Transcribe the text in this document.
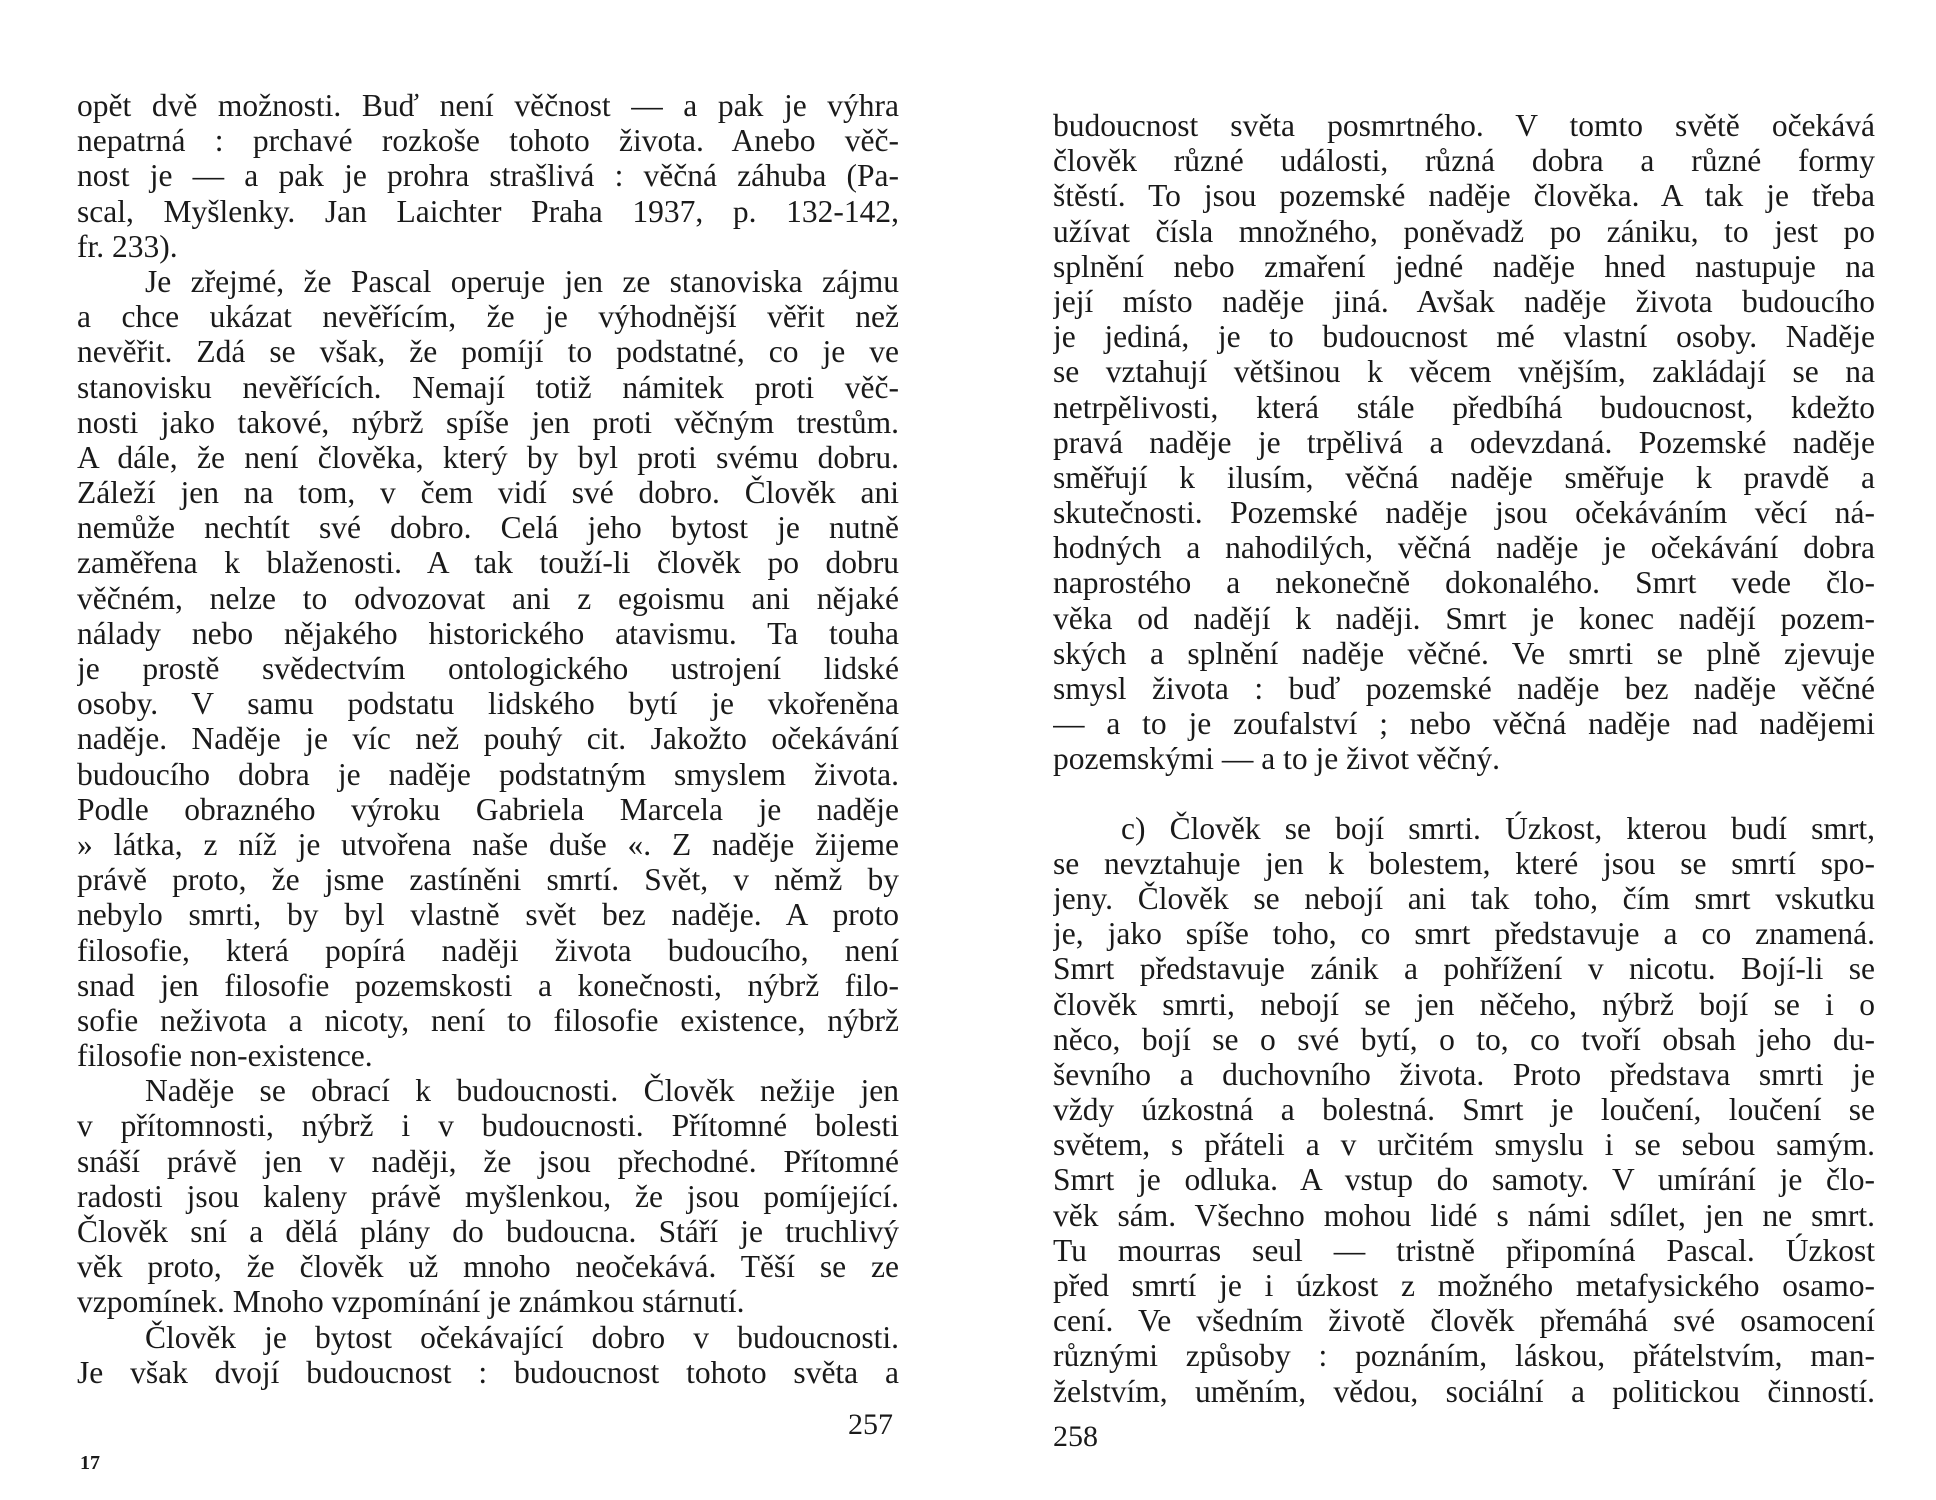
opět dvě možnosti. Buď není věčnost — a pak je výhra
nepatrná : prchavé rozkoše tohoto života. Anebo věč-
nost je — a pak je prohra strašlivá : věčná záhuba (Pa-
scal, Myšlenky. Jan Laichter Praha 1937, p. 132-142,
fr. 233).
Je zřejmé, že Pascal operuje jen ze stanoviska zájmu
a chce ukázat nevěřícím, že je výhodnější věřit než
nevěřit. Zdá se však, že pomíjí to podstatné, co je ve
stanovisku nevěřících. Nemají totiž námitek proti věč-
nosti jako takové, nýbrž spíše jen proti věčným trestům.
A dále, že není člověka, který by byl proti svému dobru.
Záleží jen na tom, v čem vidí své dobro. Člověk ani
nemůže nechtít své dobro. Celá jeho bytost je nutně
zaměřena k blaženosti. A tak touží-li člověk po dobru
věčném, nelze to odvozovat ani z egoismu ani nějaké
nálady nebo nějakého historického atavismu. Ta touha
je prostě svědectvím ontologického ustrojení lidské
osoby. V samu podstatu lidského bytí je vkořeněna
naděje. Naděje je víc než pouhý cit. Jakožto očekávání
budoucího dobra je naděje podstatným smyslem života.
Podle obrazného výroku Gabriela Marcela je naděje
» látka, z níž je utvořena naše duše «. Z naděje žijeme
právě proto, že jsme zastíněni smrtí. Svět, v němž by
nebylo smrti, by byl vlastně svět bez naděje. A proto
filosofie, která popírá naději života budoucího, není
snad jen filosofie pozemskosti a konečnosti, nýbrž filo-
sofie neživota a nicoty, není to filosofie existence, nýbrž
filosofie non-existence.
Naděje se obrací k budoucnosti. Člověk nežije jen
v přítomnosti, nýbrž i v budoucnosti. Přítomné bolesti
snáší právě jen v naději, že jsou přechodné. Přítomné
radosti jsou kaleny právě myšlenkou, že jsou pomíjející.
Člověk sní a dělá plány do budoucna. Stáří je truchlivý
věk proto, že člověk už mnoho neočekává. Těší se ze
vzpomínek. Mnoho vzpomínání je známkou stárnutí.
Člověk je bytost očekávající dobro v budoucnosti.
Je však dvojí budoucnost : budoucnost tohoto světa a
257
17
budoucnost světa posmrtného. V tomto světě očekává
člověk různé události, různá dobra a různé formy
štěstí. To jsou pozemské naděje člověka. A tak je třeba
užívat čísla množného, poněvadž po zániku, to jest po
splnění nebo zmaření jedné naděje hned nastupuje na
její místo naděje jiná. Avšak naděje života budoucího
je jediná, je to budoucnost mé vlastní osoby. Naděje
se vztahují většinou k věcem vnějším, zakládají se na
netrpělivosti, která stále předbíhá budoucnost, kdežto
pravá naděje je trpělivá a odevzdaná. Pozemské naděje
směřují k ilusím, věčná naděje směřuje k pravdě a
skutečnosti. Pozemské naděje jsou očekáváním věcí ná-
hodných a nahodilých, věčná naděje je očekávání dobra
naprostého a nekonečně dokonalého. Smrt vede člo-
věka od nadějí k naději. Smrt je konec nadějí pozem-
ských a splnění naděje věčné. Ve smrti se plně zjevuje
smysl života : buď pozemské naděje bez naděje věčné
— a to je zoufalství ; nebo věčná naděje nad nadějemi
pozemskými — a to je život věčný.
c) Člověk se bojí smrti. Úzkost, kterou budí smrt,
se nevztahuje jen k bolestem, které jsou se smrtí spo-
jeny. Člověk se nebojí ani tak toho, čím smrt vskutku
je, jako spíše toho, co smrt představuje a co znamená.
Smrt představuje zánik a pohřížení v nicotu. Bojí-li se
člověk smrti, nebojí se jen něčeho, nýbrž bojí se i o
něco, bojí se o své bytí, o to, co tvoří obsah jeho du-
ševního a duchovního života. Proto představa smrti je
vždy úzkostná a bolestná. Smrt je loučení, loučení se
světem, s přáteli a v určitém smyslu i se sebou samým.
Smrt je odluka. A vstup do samoty. V umírání je člo-
věk sám. Všechno mohou lidé s námi sdílet, jen ne smrt.
Tu mourras seul — tristně připomíná Pascal. Úzkost
před smrtí je i úzkost z možného metafysického osamo-
cení. Ve všedním životě člověk přemáhá své osamocení
různými způsoby : poznáním, láskou, přátelstvím, man-
želstvím, uměním, vědou, sociální a politickou činností.
258
